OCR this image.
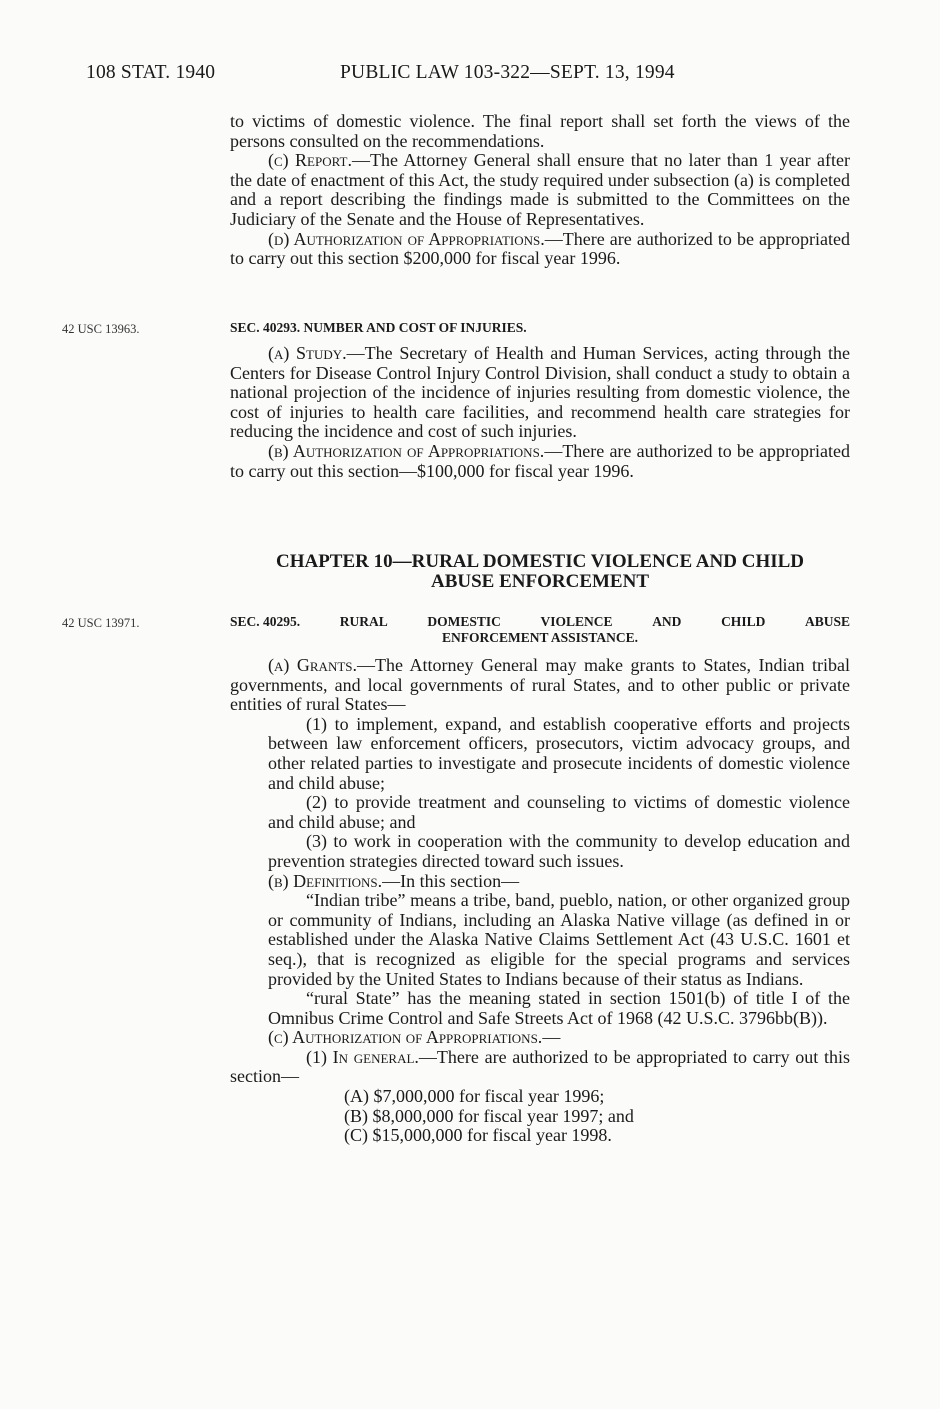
108 STAT. 1940	PUBLIC LAW 103-322—SEPT. 13, 1994

to victims of domestic violence. The final report shall set forth the views of the persons consulted on the recommendations.

(c) Report.—The Attorney General shall ensure that no later than 1 year after the date of enactment of this Act, the study required under subsection (a) is completed and a report describing the findings made is submitted to the Committees on the Judiciary of the Senate and the House of Representatives.

(d) Authorization of Appropriations.—There are authorized to be appropriated to carry out this section $200,000 for fiscal year 1996.

42 USC 13963.	SEC. 40293. NUMBER AND COST OF INJURIES.

(a) Study.—The Secretary of Health and Human Services, acting through the Centers for Disease Control Injury Control Division, shall conduct a study to obtain a national projection of the incidence of injuries resulting from domestic violence, the cost of injuries to health care facilities, and recommend health care strategies for reducing the incidence and cost of such injuries.

(b) Authorization of Appropriations.—There are authorized to be appropriated to carry out this section—$100,000 for fiscal year 1996.

CHAPTER 10—RURAL DOMESTIC VIOLENCE AND CHILD
ABUSE ENFORCEMENT
42 USC 13971.	SEC. 40295.	RURAL	DOMESTIC	VIOLENCE	AND	CHILD	ABUSE

ENFORCEMENT ASSISTANCE.

(a) Grants.—The Attorney General may make grants to States, Indian tribal governments, and local governments of rural States, and to other public or private entities of rural States—

(1) to implement, expand, and establish cooperative efforts and projects between law enforcement officers, prosecutors, victim advocacy groups, and other related parties to investigate and prosecute incidents of domestic violence and child abuse;

(2) to provide treatment and counseling to victims of domestic violence and child abuse; and

(3) to work in cooperation with the community to develop education and prevention strategies directed toward such issues.

(b) Definitions.—In this section—

“Indian tribe” means a tribe, band, pueblo, nation, or other organized group or community of Indians, including an Alaska Native village (as defined in or established under the Alaska Native Claims Settlement Act (43 U.S.C. 1601 et seq.), that is recognized as eligible for the special programs and services provided by the United States to Indians because of their status as Indians.

“rural State” has the meaning stated in section 1501(b) of title I of the Omnibus Crime Control and Safe Streets Act of 1968 (42 U.S.C. 3796bb(B)).

(c) Authorization of Appropriations.—

(1) In general.—There are authorized to be appropriated to carry out this section—

(A) $7,000,000 for fiscal year 1996;

(B) $8,000,000 for fiscal year 1997; and

(C) $15,000,000 for fiscal year 1998.
